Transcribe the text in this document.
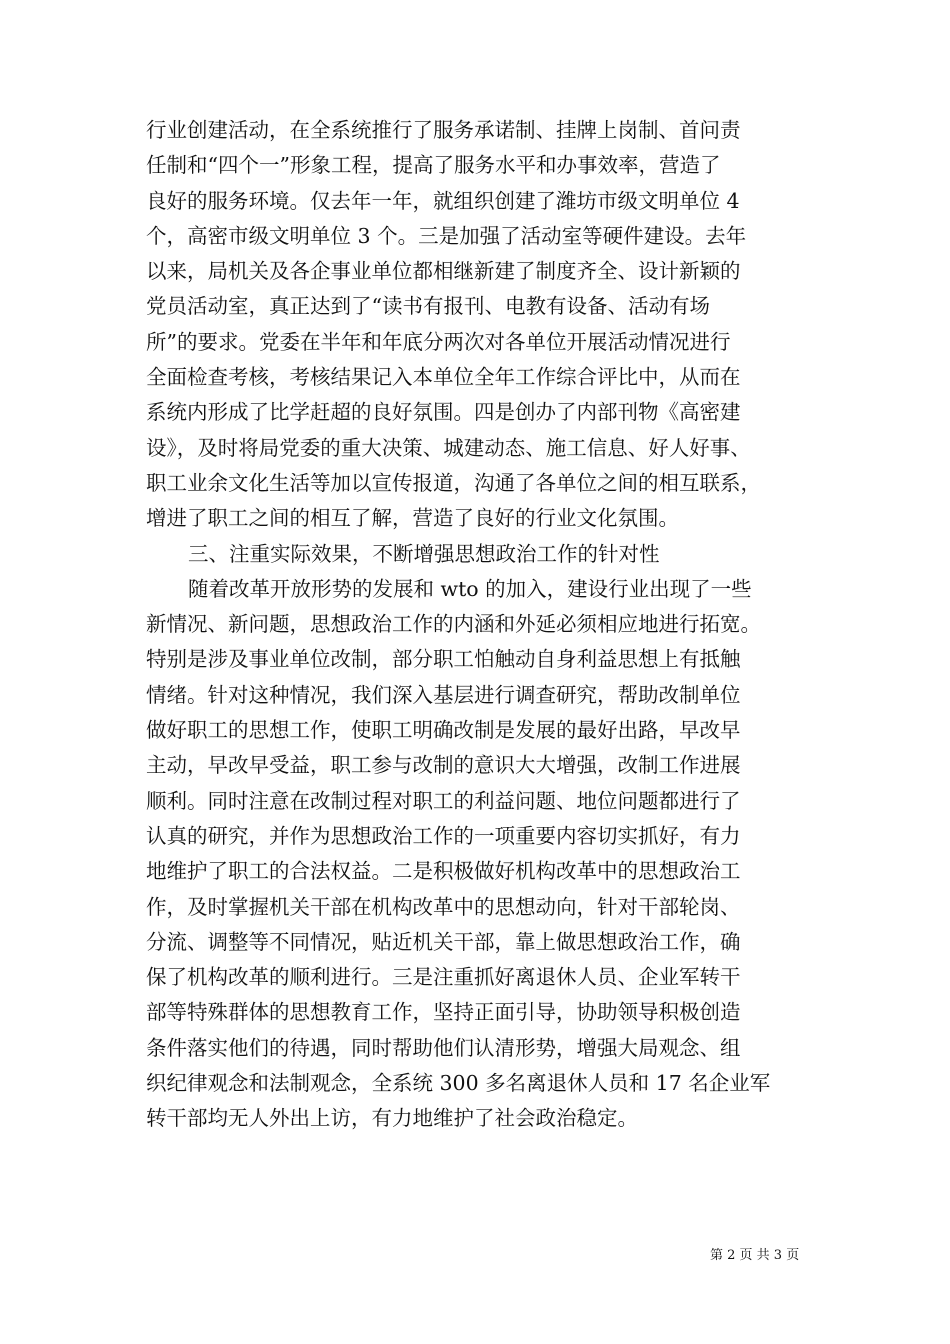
行业创建活动，在全系统推行了服务承诺制、挂牌上岗制、首问责
任制和“四个一”形象工程，提高了服务水平和办事效率，营造了
良好的服务环境。仅去年一年，就组织创建了潍坊市级文明单位 4
个，高密市级文明单位 3 个。三是加强了活动室等硬件建设。去年
以来，局机关及各企事业单位都相继新建了制度齐全、设计新颖的
党员活动室，真正达到了“读书有报刊、电教有设备、活动有场
所”的要求。党委在半年和年底分两次对各单位开展活动情况进行
全面检查考核，考核结果记入本单位全年工作综合评比中，从而在
系统内形成了比学赶超的良好氛围。四是创办了内部刊物《高密建
设》，及时将局党委的重大决策、城建动态、施工信息、好人好事、
职工业余文化生活等加以宣传报道，沟通了各单位之间的相互联系，
增进了职工之间的相互了解，营造了良好的行业文化氛围。
三、注重实际效果，不断增强思想政治工作的针对性
随着改革开放形势的发展和 wto 的加入，建设行业出现了一些
新情况、新问题，思想政治工作的内涵和外延必须相应地进行拓宽。
特别是涉及事业单位改制，部分职工怕触动自身利益思想上有抵触
情绪。针对这种情况，我们深入基层进行调查研究，帮助改制单位
做好职工的思想工作，使职工明确改制是发展的最好出路，早改早
主动，早改早受益，职工参与改制的意识大大增强，改制工作进展
顺利。同时注意在改制过程对职工的利益问题、地位问题都进行了
认真的研究，并作为思想政治工作的一项重要内容切实抓好，有力
地维护了职工的合法权益。二是积极做好机构改革中的思想政治工
作，及时掌握机关干部在机构改革中的思想动向，针对干部轮岗、
分流、调整等不同情况，贴近机关干部，靠上做思想政治工作，确
保了机构改革的顺利进行。三是注重抓好离退休人员、企业军转干
部等特殊群体的思想教育工作，坚持正面引导，协助领导积极创造
条件落实他们的待遇，同时帮助他们认清形势，增强大局观念、组
织纪律观念和法制观念，全系统 300 多名离退休人员和 17 名企业军
转干部均无人外出上访，有力地维护了社会政治稳定。
第 2 页 共 3 页
